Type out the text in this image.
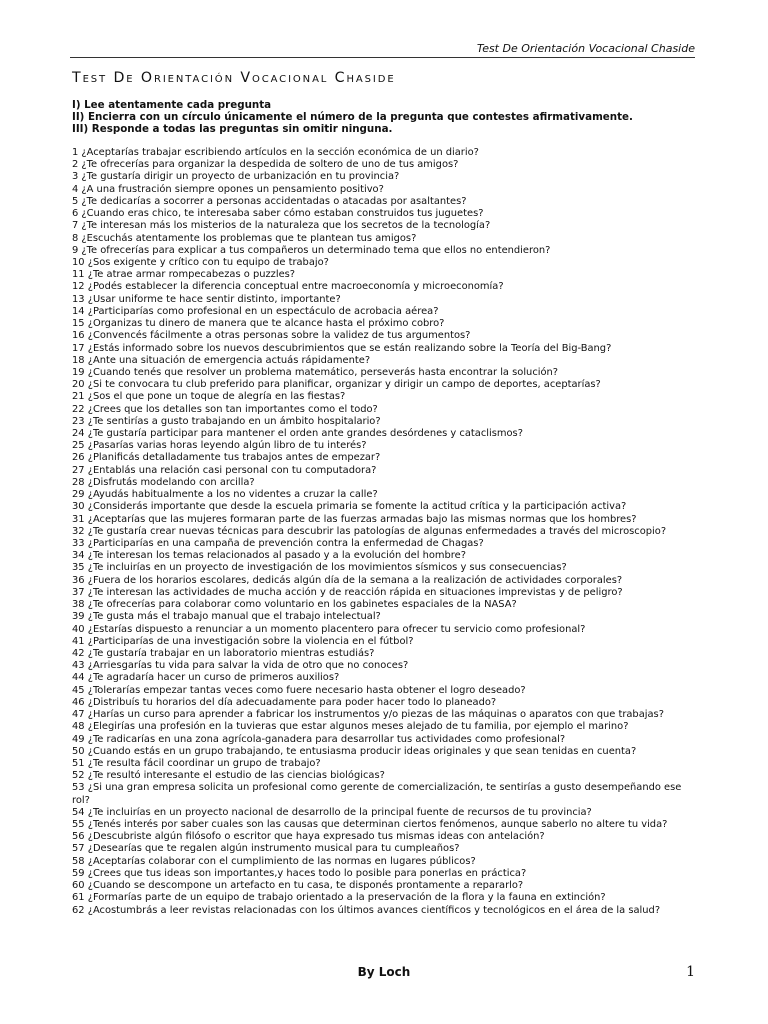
Test De Orientación Vocacional Chaside
Test De Orientación Vocacional Chaside
I) Lee atentamente cada pregunta
II) Encierra con un círculo únicamente el número de la pregunta que contestes afirmativamente.
III) Responde a todas las preguntas sin omitir ninguna.
1 ¿Aceptarías trabajar escribiendo artículos en la sección económica de un diario?
2 ¿Te ofrecerías para organizar la despedida de soltero de uno de tus amigos?
3 ¿Te gustaría dirigir un proyecto de urbanización en tu provincia?
4 ¿A una frustración siempre opones un pensamiento positivo?
5 ¿Te dedicarías a socorrer a personas accidentadas o atacadas por asaltantes?
6 ¿Cuando eras chico, te interesaba saber cómo estaban construidos tus juguetes?
7 ¿Te interesan más los misterios de la naturaleza que los secretos de la tecnología?
8 ¿Escuchás atentamente los problemas que te plantean tus amigos?
9 ¿Te ofrecerías para explicar a tus compañeros un determinado tema que ellos no entendieron?
10 ¿Sos exigente y crítico con tu equipo de trabajo?
11 ¿Te atrae armar rompecabezas o puzzles?
12 ¿Podés establecer la diferencia conceptual entre macroeconomía y microeconomía?
13 ¿Usar uniforme te hace sentir distinto, importante?
14 ¿Participarías como profesional en un espectáculo de acrobacia aérea?
15 ¿Organizas tu dinero de manera que te alcance hasta el próximo cobro?
16 ¿Convencés fácilmente a otras personas sobre la validez de tus argumentos?
17 ¿Estás informado sobre los nuevos descubrimientos que se están realizando sobre la Teoría del Big-Bang?
18 ¿Ante una situación de emergencia actuás rápidamente?
19 ¿Cuando tenés que resolver un problema matemático, perseverás hasta encontrar la solución?
20 ¿Si te convocara tu club preferido para planificar, organizar y dirigir un campo de deportes, aceptarías?
21 ¿Sos el que pone un toque de alegría en las fiestas?
22 ¿Crees que los detalles son tan importantes como el todo?
23 ¿Te sentirías a gusto trabajando en un ámbito hospitalario?
24 ¿Te gustaría participar para mantener el orden ante grandes desórdenes y cataclismos?
25 ¿Pasarías varias horas leyendo algún libro de tu interés?
26 ¿Planificás detalladamente tus trabajos antes de empezar?
27 ¿Entablás una relación casi personal con tu computadora?
28 ¿Disfrutás modelando con arcilla?
29 ¿Ayudás habitualmente a los no videntes a cruzar la calle?
30 ¿Considerás importante que desde la escuela primaria se fomente la actitud crítica y la participación activa?
31 ¿Aceptarías que las mujeres formaran parte de las fuerzas armadas bajo las mismas normas que los hombres?
32 ¿Te gustaría crear nuevas técnicas para descubrir las patologías de algunas enfermedades a través del microscopio?
33 ¿Participarías en una campaña de prevención contra la enfermedad de Chagas?
34 ¿Te interesan los temas relacionados al pasado y a la evolución del hombre?
35 ¿Te incluirías en un proyecto de investigación de los movimientos sísmicos y sus consecuencias?
36 ¿Fuera de los horarios escolares, dedicás algún día de la semana a la realización de actividades corporales?
37 ¿Te interesan las actividades de mucha acción y de reacción rápida en situaciones imprevistas y de peligro?
38 ¿Te ofrecerías para colaborar como voluntario en los gabinetes espaciales de la NASA?
39 ¿Te gusta más el trabajo manual que el trabajo intelectual?
40 ¿Estarías dispuesto a renunciar a un momento placentero para ofrecer tu servicio como profesional?
41 ¿Participarías de una investigación sobre la violencia en el fútbol?
42 ¿Te gustaría trabajar en un laboratorio mientras estudiás?
43 ¿Arriesgarías tu vida para salvar la vida de otro que no conoces?
44 ¿Te agradaría hacer un curso de primeros auxilios?
45 ¿Tolerarías empezar tantas veces como fuere necesario hasta obtener el logro deseado?
46 ¿Distribuís tu horarios del día adecuadamente para poder hacer todo lo planeado?
47 ¿Harías un curso para aprender a fabricar los instrumentos y/o piezas de las máquinas o aparatos con que trabajas?
48 ¿Elegirías una profesión en la tuvieras que estar algunos meses alejado de tu familia, por ejemplo el marino?
49 ¿Te radicarías en una zona agrícola-ganadera para desarrollar tus actividades como profesional?
50 ¿Cuando estás en un grupo trabajando, te entusiasma producir ideas originales y que sean tenidas en cuenta?
51 ¿Te resulta fácil coordinar un grupo de trabajo?
52 ¿Te resultó interesante el estudio de las ciencias biológicas?
53 ¿Si una gran empresa solicita un profesional como gerente de comercialización, te sentirías a gusto desempeñando ese rol?
54 ¿Te incluirías en un proyecto nacional de desarrollo de la principal fuente de recursos de tu provincia?
55 ¿Tenés interés por saber cuales son las causas que determinan ciertos fenómenos, aunque saberlo no altere tu vida?
56 ¿Descubriste algún filósofo o escritor que haya expresado tus mismas ideas con antelación?
57 ¿Desearías que te regalen algún instrumento musical para tu cumpleaños?
58 ¿Aceptarías colaborar con el cumplimiento de las normas en lugares públicos?
59 ¿Crees que tus ideas son importantes,y haces todo lo posible para ponerlas en práctica?
60 ¿Cuando se descompone un artefacto en tu casa, te disponés prontamente a repararlo?
61 ¿Formarías parte de un equipo de trabajo orientado a la preservación de la flora y la fauna en extinción?
62 ¿Acostumbrás a leer revistas relacionadas con los últimos avances científicos y tecnológicos en el área de la salud?
By Loch	1
